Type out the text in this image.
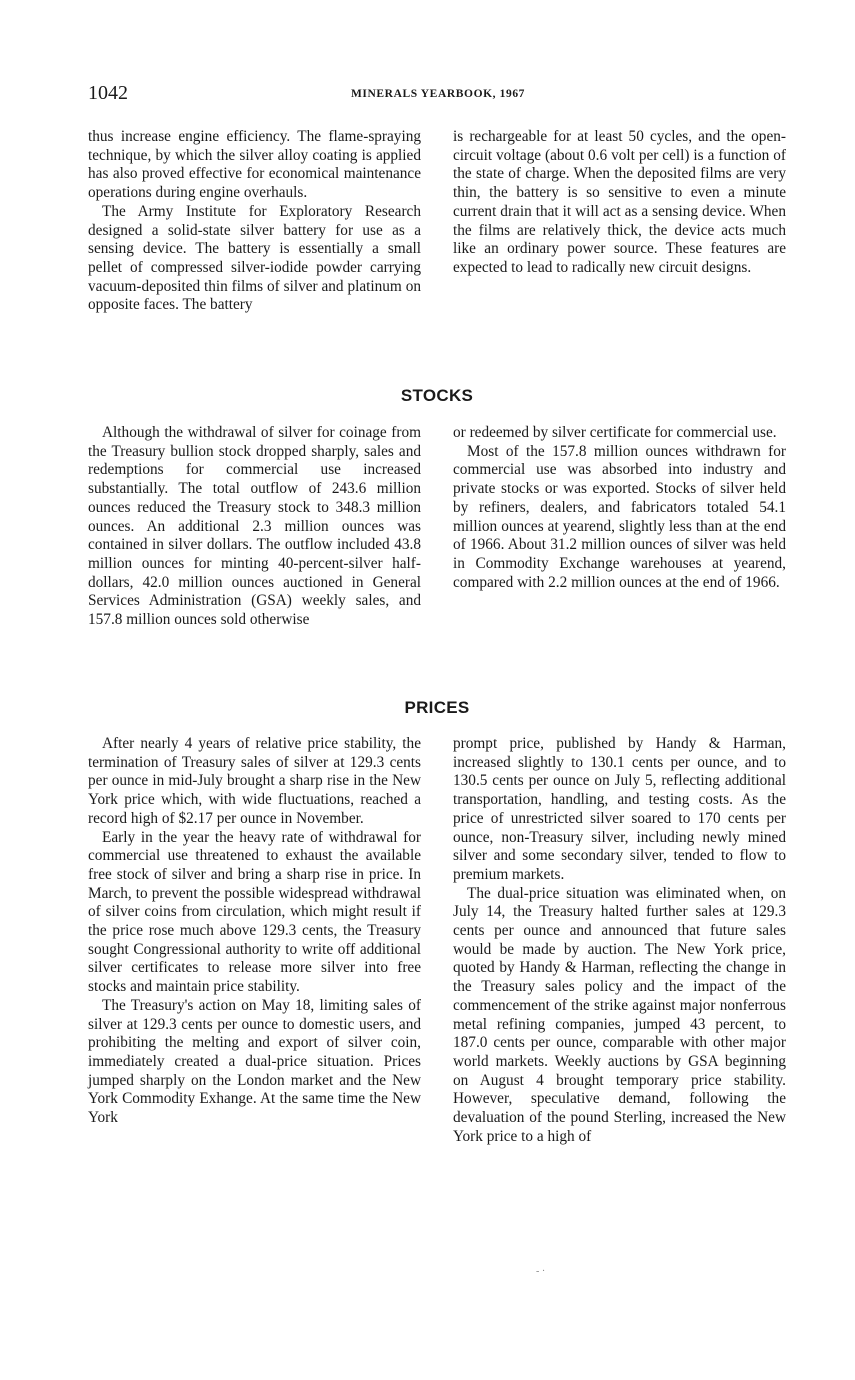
1042	MINERALS YEARBOOK, 1967

thus increase engine efficiency. The flame-spraying technique, by which the silver alloy coating is applied has also proved effective for economical maintenance operations during engine overhauls.

The Army Institute for Exploratory Research designed a solid-state silver battery for use as a sensing device. The battery is essentially a small pellet of compressed silver-iodide powder carrying vacuum-deposited thin films of silver and platinum on opposite faces. The battery

is rechargeable for at least 50 cycles, and the open-circuit voltage (about 0.6 volt per cell) is a function of the state of charge. When the deposited films are very thin, the battery is so sensitive to even a minute current drain that it will act as a sensing device. When the films are relatively thick, the device acts much like an ordinary power source. These features are expected to lead to radically new circuit designs.

STOCKS

Although the withdrawal of silver for coinage from the Treasury bullion stock dropped sharply, sales and redemptions for commercial use increased substantially. The total outflow of 243.6 million ounces reduced the Treasury stock to 348.3 million ounces. An additional 2.3 million ounces was contained in silver dollars. The outflow included 43.8 million ounces for minting 40-percent-silver half-dollars, 42.0 million ounces auctioned in General Services Administration (GSA) weekly sales, and 157.8 million ounces sold otherwise

or redeemed by silver certificate for commercial use.

Most of the 157.8 million ounces withdrawn for commercial use was absorbed into industry and private stocks or was exported. Stocks of silver held by refiners, dealers, and fabricators totaled 54.1 million ounces at yearend, slightly less than at the end of 1966. About 31.2 million ounces of silver was held in Commodity Exchange warehouses at yearend, compared with 2.2 million ounces at the end of 1966.

PRICES

After nearly 4 years of relative price stability, the termination of Treasury sales of silver at 129.3 cents per ounce in mid-July brought a sharp rise in the New York price which, with wide fluctuations, reached a record high of $2.17 per ounce in November.

Early in the year the heavy rate of withdrawal for commercial use threatened to exhaust the available free stock of silver and bring a sharp rise in price. In March, to prevent the possible widespread withdrawal of silver coins from circulation, which might result if the price rose much above 129.3 cents, the Treasury sought Congressional authority to write off additional silver certificates to release more silver into free stocks and maintain price stability.

The Treasury's action on May 18, limiting sales of silver at 129.3 cents per ounce to domestic users, and prohibiting the melting and export of silver coin, immediately created a dual-price situation. Prices jumped sharply on the London market and the New York Commodity Exhange. At the same time the New York

prompt price, published by Handy & Harman, increased slightly to 130.1 cents per ounce, and to 130.5 cents per ounce on July 5, reflecting additional transportation, handling, and testing costs. As the price of unrestricted silver soared to 170 cents per ounce, non-Treasury silver, including newly mined silver and some secondary silver, tended to flow to premium markets.

The dual-price situation was eliminated when, on July 14, the Treasury halted further sales at 129.3 cents per ounce and announced that future sales would be made by auction. The New York price, quoted by Handy & Harman, reflecting the change in the Treasury sales policy and the impact of the commencement of the strike against major nonferrous metal refining companies, jumped 43 percent, to 187.0 cents per ounce, comparable with other major world markets. Weekly auctions by GSA beginning on August 4 brought temporary price stability. However, speculative demand, following the devaluation of the pound Sterling, increased the New York price to a high of

- ·
